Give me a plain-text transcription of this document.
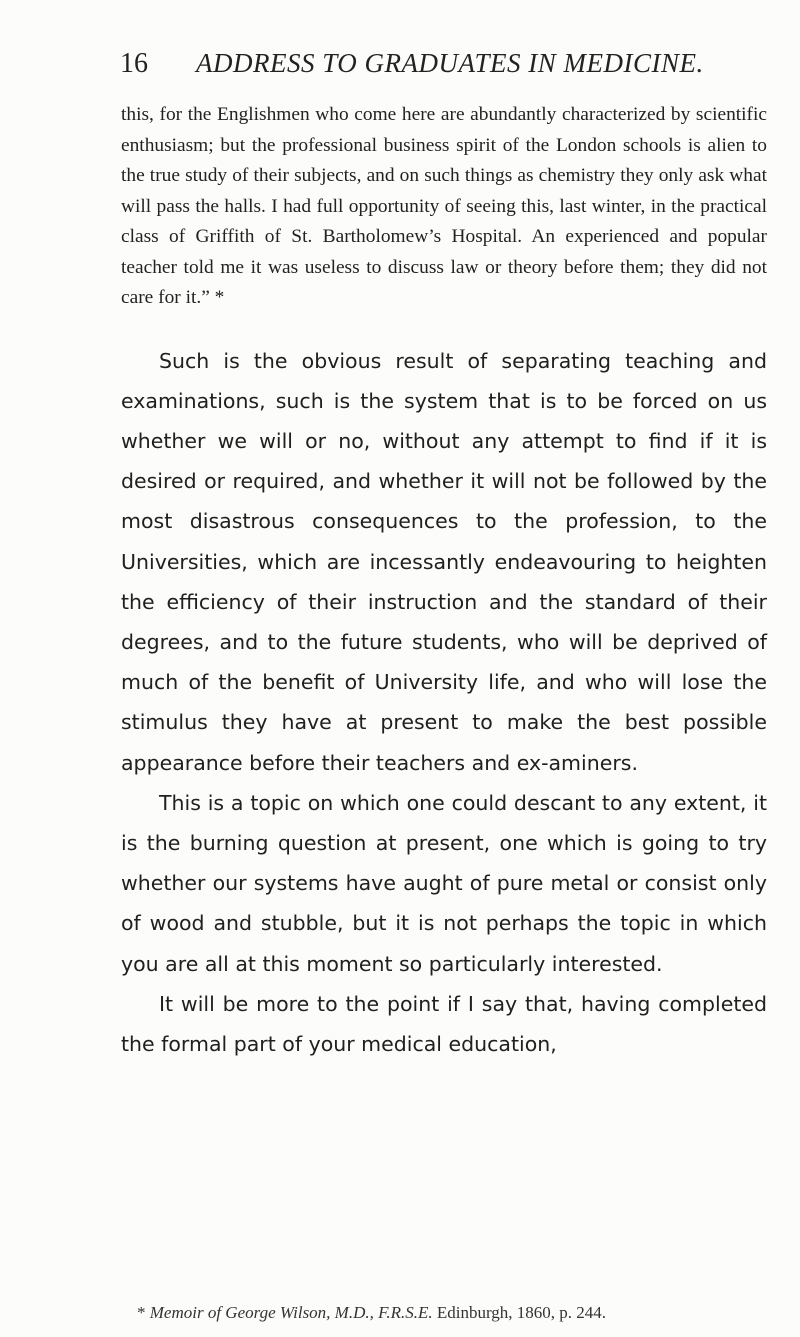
16	ADDRESS TO GRADUATES IN MEDICINE.

this, for the Englishmen who come here are abundantly characterized by scientific enthusiasm; but the professional business spirit of the London schools is alien to the true study of their subjects, and on such things as chemistry they only ask what will pass the halls. I had full opportunity of seeing this, last winter, in the practical class of Griffith of St. Bartholomew’s Hospital. An experienced and popular teacher told me it was useless to discuss law or theory before them; they did not care for it.” *

Such is the obvious result of separating teaching and examinations, such is the system that is to be forced on us whether we will or no, without any attempt to find if it is desired or required, and whether it will not be followed by the most disastrous consequences to the profession, to the Universities, which are incessantly endeavouring to heighten the efficiency of their instruction and the standard of their degrees, and to the future students, who will be deprived of much of the benefit of University life, and who will lose the stimulus they have at present to make the best possible appearance before their teachers and ex-aminers.

This is a topic on which one could descant to any extent, it is the burning question at present, one which is going to try whether our systems have aught of pure metal or consist only of wood and stubble, but it is not perhaps the topic in which you are all at this moment so particularly interested.

It will be more to the point if I say that, having completed the formal part of your medical education,

* Memoir of George Wilson, M.D., F.R.S.E. Edinburgh, 1860, p. 244.
